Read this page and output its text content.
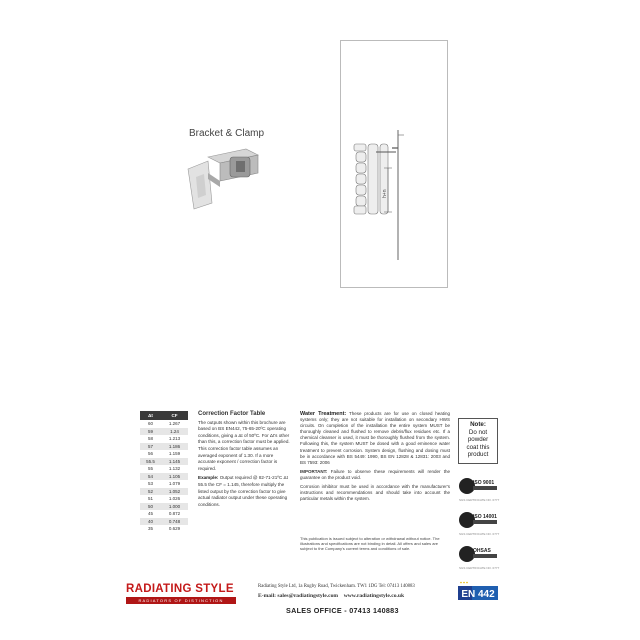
Bracket & Clamp
h+n
Δt	CF
60	1.267
59	1.24
58	1.213
57	1.186
56	1.159
55.5	1.145
55	1.132
54	1.105
53	1.079
52	1.052
51	1.026
50	1.000
45	0.872
40	0.748
35	0.629
Correction Factor Table

The outputs shown within this brochure are based on BS EN442, 75-65-20ºC operating conditions, giving a Δt of 50ºC. For Δt's other than this, a correction factor must be applied. This correction factor table assumes an averaged exponent of 1.30. If a more accurate exponent / correction factor is required.

Example: Output required @ 82-71-21ºC Δt 55.5 the CF = 1.145, therefore multiply the listed output by the correction factor to give actual radiator output under these operating conditions.

Water Treatment: These products are for use on closed heating systems only; they are not suitable for installation on secondary HWS circuits. On completion of the installation the entire system MUST be thoroughly cleaned and flushed to remove debris/flux residues etc. If a chemical cleanser is used, it must be thoroughly flushed from the system. Following this, the system MUST be dosed with a good eminence water treatment to prevent corrosion. System design, flushing and dosing must be in accordance with BS 5449: 1990, BS EN 12828 & 12831: 2003 and BS 7593: 2006

IMPORTANT: Failure to observe these requirements will render the guarantee on the product void.

Corrosion inhibitor must be used in accordance with the manufacturer's instructions and recommendations and should take into account the particular metals within the system.

This publication is issued subject to alteration or withdrawal without notice. The illustrations and specifications are not binding in detail. All offers and sales are subject to the Company's current terms and conditions of sale.
Note:
Do not
powder
coat this
product
ISO 9001
SGS CERTIFICATE NO. 0777
ISO 14001
SGS CERTIFICATE NO. 0777
OHSAS
SGS CERTIFICATE NO. 0777
RADIATING STYLE
RADIATORS OF DISTINCTION
Radiating Style Ltd, 1a Rugby Road, Twickenham. TW1 1DG Tel: 07413 140883
E-mail: sales@radiatingstyle.com www.radiatingstyle.co.uk
SALES OFFICE - 07413 140883
EN 442
